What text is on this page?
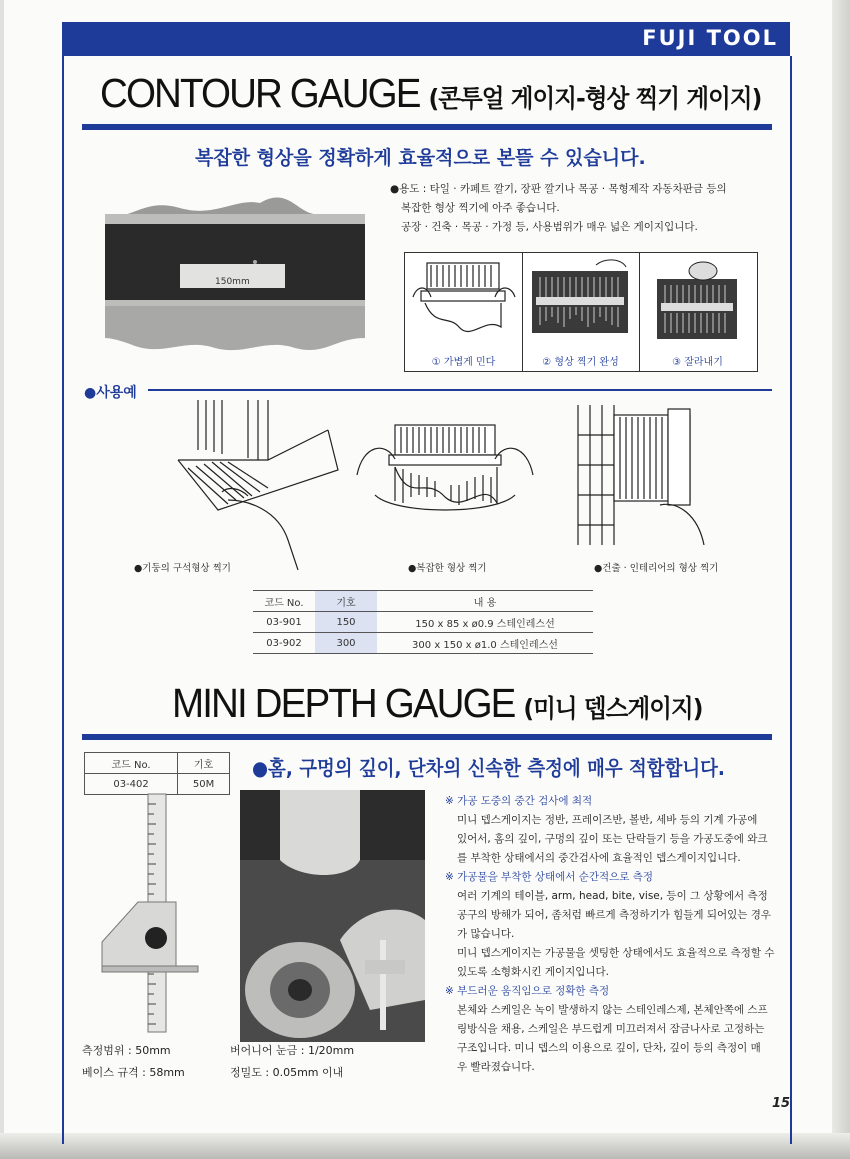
FUJI TOOL
CONTOUR GAUGE (콘투얼 게이지-형상 찍기 게이지)
복잡한 형상을 정확하게 효율적으로 본뜰 수 있습니다.
150mm
●용도 : 타일 · 카페트 깔기, 장판 깔기나 목공 · 목형제작 자동차판금 등의
복잡한 형상 찍기에 아주 좋습니다.
공장 · 건축 · 목공 · 가정 등, 사용범위가 매우 넓은 게이지입니다.
① 가볍게 민다	② 형상 찍기 완성	③ 잘라내기
●사용예
●기둥의 구석형상 찍기	●복잡한 형상 찍기	●건출 · 인테리어의 형상 찍기
코드 No.	기호	내 용
03-901	150	150 x 85 x ø0.9 스테인레스선
03-902	300	300 x 150 x ø1.0 스테인레스선
MINI DEPTH GAUGE (미니 뎁스게이지)
코드 No.	기호
03-402	50M
●홈, 구멍의 깊이, 단차의 신속한 측정에 매우 적합합니다.
측정범위 : 50mm
베이스 규격 : 58mm
버어니어 눈금 : 1/20mm
정밀도 : 0.05mm 이내

※ 가공 도중의 중간 검사에 최적

미니 뎁스게이지는 정반, 프레이즈반, 볼반, 세바 등의 기계 가공에

있어서, 홈의 깊이, 구멍의 깊이 또는 단락들기 등을 가공도중에 와크

를 부착한 상태에서의 중간검사에 효율적인 뎁스게이지입니다.

※ 가공물을 부착한 상태에서 순간적으로 측정

여러 기계의 테이블, arm, head, bite, vise, 등이 그 상황에서 측정

공구의 방해가 되어, 좀처럼 빠르게 측정하기가 힘들게 되어있는 경우

가 많습니다.

미니 뎁스게이지는 가공물을 셋팅한 상태에서도 효율적으로 측정할 수

있도록 소형화시킨 게이지입니다.

※ 부드러운 움직임으로 정확한 측정

본체와 스케일은 녹이 발생하지 않는 스테인레스제, 본체안쪽에 스프

링방식을 채용, 스케일은 부드럽게 미끄러져서 잠금나사로 고정하는

구조입니다. 미니 뎁스의 이용으로 깊이, 단차, 깊이 등의 측정이 매

우 빨라졌습니다.

15
